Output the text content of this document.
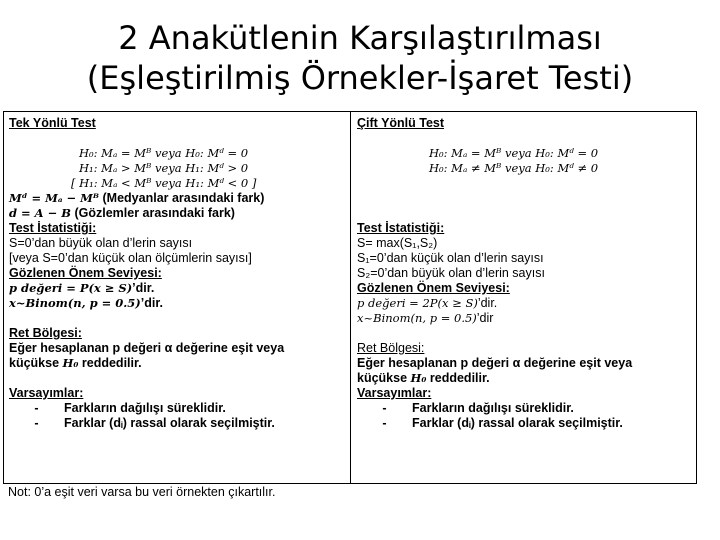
2 Anakütlenin Karşılaştırılması
(Eşleştirilmiş Örnekler-İşaret Testi)
Tek Yönlü Test
H₀: Mₐ = Mᴮ veya H₀: Mᵈ = 0
H₁: Mₐ > Mᴮ veya H₁: Mᵈ > 0
[ H₁: Mₐ < Mᴮ veya H₁: Mᵈ < 0 ]
Mᵈ = Mₐ − Mᴮ (Medyanlar arasındaki fark)
d = A − B (Gözlemler arasındaki fark)
Test İstatistiği:
S=0’dan büyük olan d’lerin sayısı
[veya S=0’dan küçük olan ölçümlerin sayısı]
Gözlenen Önem Seviyesi:
p değeri = P(x ≥ S)’dir.
x~Binom(n, p = 0.5)’dir.
Ret Bölgesi:
Eğer hesaplanan p değeri α değerine eşit veya
küçükse H₀ reddedilir.
Varsayımlar:
-	Farkların dağılışı süreklidir.
-	Farklar (dᵢ) rassal olarak seçilmiştir.
Çift Yönlü Test
H₀: Mₐ = Mᴮ veya H₀: Mᵈ = 0
H₀: Mₐ ≠ Mᴮ veya H₀: Mᵈ ≠ 0
Test İstatistiği:
S= max(S₁,S₂)
S₁=0’dan küçük olan d’lerin sayısı
S₂=0’dan büyük olan d’lerin sayısı
Gözlenen Önem Seviyesi:
p değeri = 2P(x ≥ S)’dir.
x~Binom(n, p = 0.5)’dir
Ret Bölgesi:
Eğer hesaplanan p değeri α değerine eşit veya
küçükse H₀ reddedilir.
Varsayımlar:
-	Farkların dağılışı süreklidir.
-	Farklar (dᵢ) rassal olarak seçilmiştir.
Not: 0’a eşit veri varsa bu veri örnekten çıkartılır.
